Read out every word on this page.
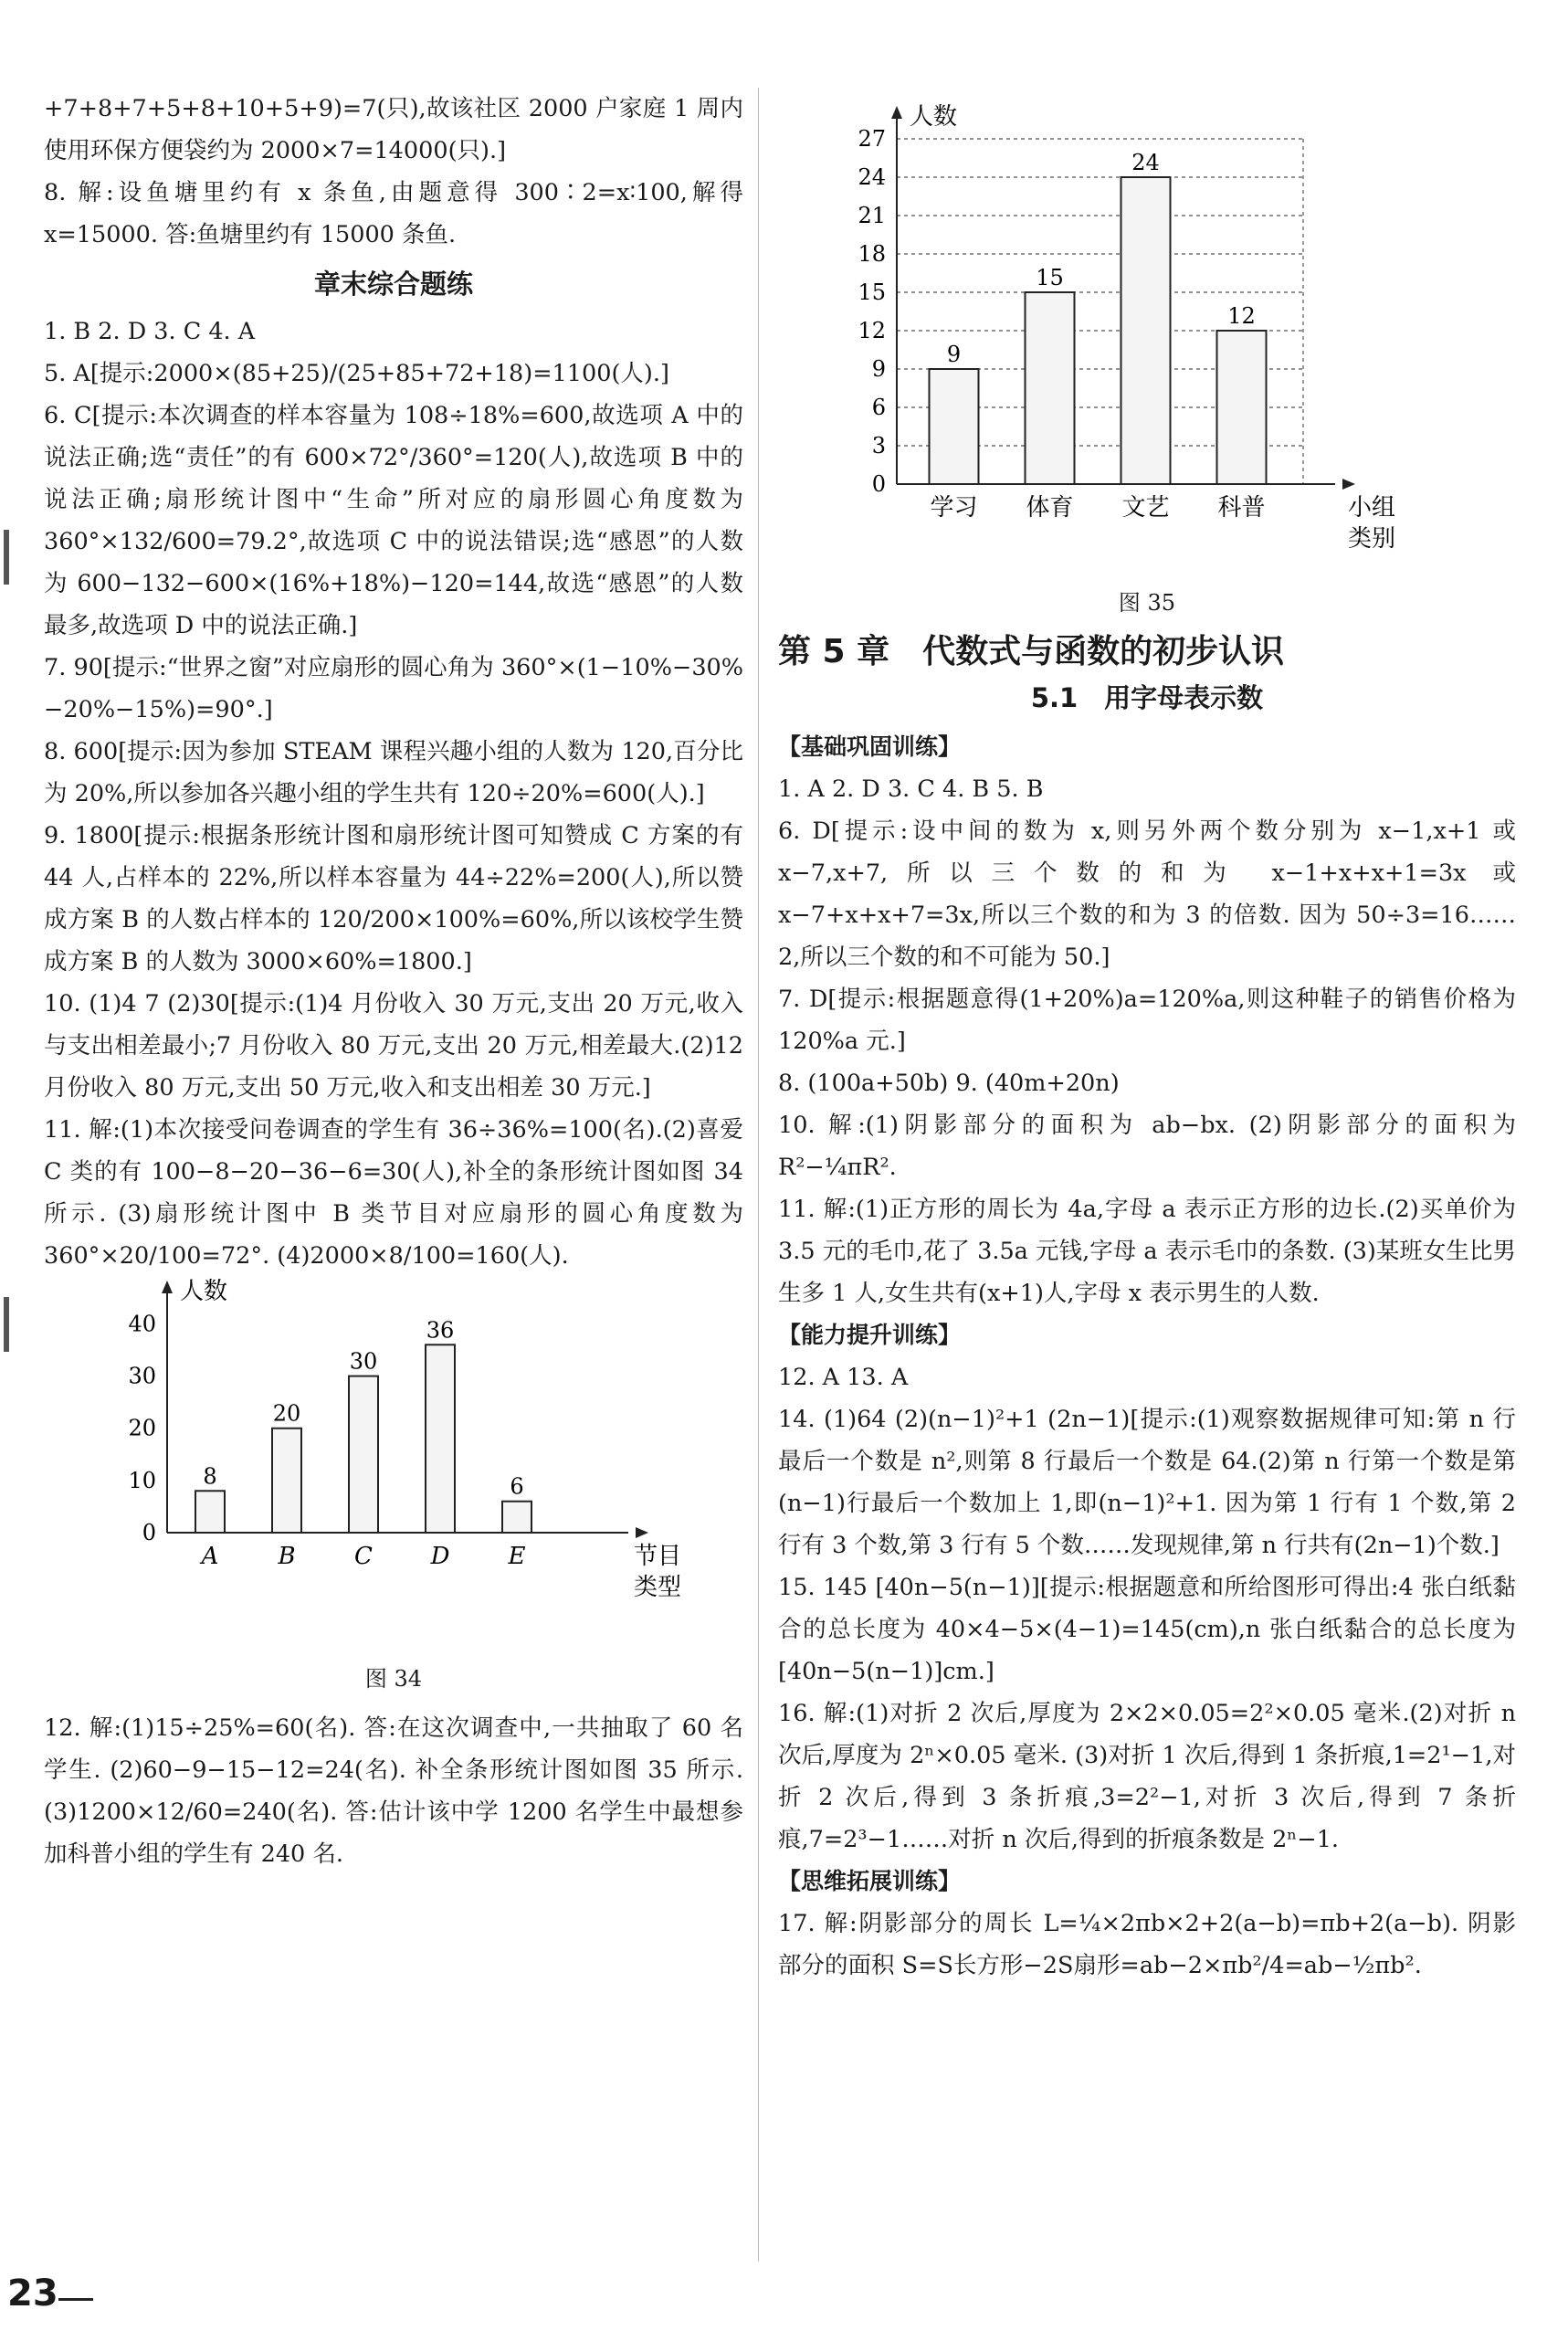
+7+8+7+5+8+10+5+9)=7(只),故该社区 2000 户家庭 1 周内使用环保方便袋约为 2000×7=14000(只).]

8. 解:设鱼塘里约有 x 条鱼,由题意得 300∶2=x∶100,解得 x=15000. 答:鱼塘里约有 15000 条鱼.

章末综合题练

1. B 2. D 3. C 4. A

5. A[提示:2000×(85+25)/(25+85+72+18)=1100(人).]

6. C[提示:本次调查的样本容量为 108÷18%=600,故选项 A 中的说法正确;选“责任”的有 600×72°/360°=120(人),故选项 B 中的说法正确;扇形统计图中“生命”所对应的扇形圆心角度数为 360°×132/600=79.2°,故选项 C 中的说法错误;选“感恩”的人数为 600−132−600×(16%+18%)−120=144,故选“感恩”的人数最多,故选项 D 中的说法正确.]

7. 90[提示:“世界之窗”对应扇形的圆心角为 360°×(1−10%−30%−20%−15%)=90°.]

8. 600[提示:因为参加 STEAM 课程兴趣小组的人数为 120,百分比为 20%,所以参加各兴趣小组的学生共有 120÷20%=600(人).]

9. 1800[提示:根据条形统计图和扇形统计图可知赞成 C 方案的有 44 人,占样本的 22%,所以样本容量为 44÷22%=200(人),所以赞成方案 B 的人数占样本的 120/200×100%=60%,所以该校学生赞成方案 B 的人数为 3000×60%=1800.]

10. (1)4 7 (2)30[提示:(1)4 月份收入 30 万元,支出 20 万元,收入与支出相差最小;7 月份收入 80 万元,支出 20 万元,相差最大.(2)12 月份收入 80 万元,支出 50 万元,收入和支出相差 30 万元.]

11. 解:(1)本次接受问卷调查的学生有 36÷36%=100(名).(2)喜爱 C 类的有 100−8−20−36−6=30(人),补全的条形统计图如图 34 所示. (3)扇形统计图中 B 类节目对应扇形的圆心角度数为 360°×20/100=72°. (4)2000×8/100=160(人).

0
10
20
30
40
人数
节目
类型
8
A
20
B
30
C
36
D
6
E
图 34

12. 解:(1)15÷25%=60(名). 答:在这次调查中,一共抽取了 60 名学生. (2)60−9−15−12=24(名). 补全条形统计图如图 35 所示. (3)1200×12/60=240(名). 答:估计该中学 1200 名学生中最想参加科普小组的学生有 240 名.

0
3
6
9
12
15
18
21
24
27
人数
小组
类别
9
学习
15
体育
24
文艺
12
科普
图 35
第 5 章　代数式与函数的初步认识
5.1　用字母表示数
【基础巩固训练】

1. A 2. D 3. C 4. B 5. B

6. D[提示:设中间的数为 x,则另外两个数分别为 x−1,x+1 或 x−7,x+7,所以三个数的和为 x−1+x+x+1=3x 或 x−7+x+x+7=3x,所以三个数的和为 3 的倍数. 因为 50÷3=16……2,所以三个数的和不可能为 50.]

7. D[提示:根据题意得(1+20%)a=120%a,则这种鞋子的销售价格为 120%a 元.]

8. (100a+50b) 9. (40m+20n)

10. 解:(1)阴影部分的面积为 ab−bx. (2)阴影部分的面积为 R²−¼πR².

11. 解:(1)正方形的周长为 4a,字母 a 表示正方形的边长.(2)买单价为 3.5 元的毛巾,花了 3.5a 元钱,字母 a 表示毛巾的条数. (3)某班女生比男生多 1 人,女生共有(x+1)人,字母 x 表示男生的人数.

【能力提升训练】

12. A 13. A

14. (1)64 (2)(n−1)²+1 (2n−1)[提示:(1)观察数据规律可知:第 n 行最后一个数是 n²,则第 8 行最后一个数是 64.(2)第 n 行第一个数是第(n−1)行最后一个数加上 1,即(n−1)²+1. 因为第 1 行有 1 个数,第 2 行有 3 个数,第 3 行有 5 个数……发现规律,第 n 行共有(2n−1)个数.]

15. 145 [40n−5(n−1)][提示:根据题意和所给图形可得出:4 张白纸黏合的总长度为 40×4−5×(4−1)=145(cm),n 张白纸黏合的总长度为[40n−5(n−1)]cm.]

16. 解:(1)对折 2 次后,厚度为 2×2×0.05=2²×0.05 毫米.(2)对折 n 次后,厚度为 2ⁿ×0.05 毫米. (3)对折 1 次后,得到 1 条折痕,1=2¹−1,对折 2 次后,得到 3 条折痕,3=2²−1,对折 3 次后,得到 7 条折痕,7=2³−1……对折 n 次后,得到的折痕条数是 2ⁿ−1.

【思维拓展训练】

17. 解:阴影部分的周长 L=¼×2πb×2+2(a−b)=πb+2(a−b). 阴影部分的面积 S=S长方形−2S扇形=ab−2×πb²/4=ab−½πb².

23
